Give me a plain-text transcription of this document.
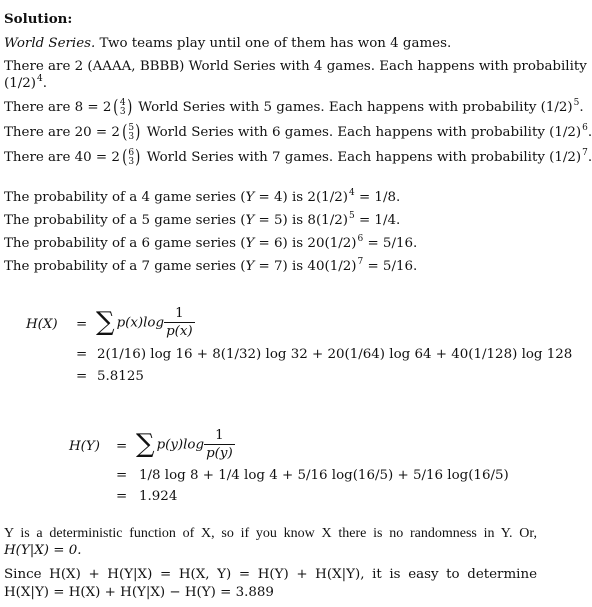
Solution:
World Series. Two teams play until one of them has won 4 games.
There are 2 (AAAA, BBBB) World Series with 4 games. Each happens with probability
$(1/2)^4$.
There are 8 = 2 ( 4
3 ) World Series with 5 games. Each happens with probability $(1/2)^5$.
There are 20 = 2 ( 5
3 ) World Series with 6 games. Each happens with probability $(1/2)^6$.
There are 40 = 2 ( 6
3 ) World Series with 7 games. Each happens with probability $(1/2)^7$.
The probability of a 4 game series (Y = 4) is $2(1/2)^4 = 1/8$.
The probability of a 5 game series (Y = 5) is $8(1/2)^5 = 1/4$.
The probability of a 6 game series (Y = 6) is $20(1/2)^6 = 5/16$.
The probability of a 7 game series (Y = 7) is $40(1/2)^7 = 5/16$.
H(X) = ∑ $p(x)\log \frac{1}{p(x)}$
= 2(1/16) log 16 + 8(1/32) log 32 + 20(1/64) log 64 + 40(1/128) log 128
= 5.8125
H(Y) = ∑ $p(y)\log \frac{1}{p(y)}$
= 1/8 log 8 + 1/4 log 4 + 5/16 log(16/5) + 5/16 log(16/5)
= 1.924
Y is a deterministic function of X, so if you know X there is no randomness in Y. Or,
H(Y|X) = 0.
Since H(X) + H(Y|X) = H(X, Y) = H(Y) + H(X|Y), it is easy to determine
H(X|Y) = H(X) + H(Y|X) − H(Y) = 3.889
